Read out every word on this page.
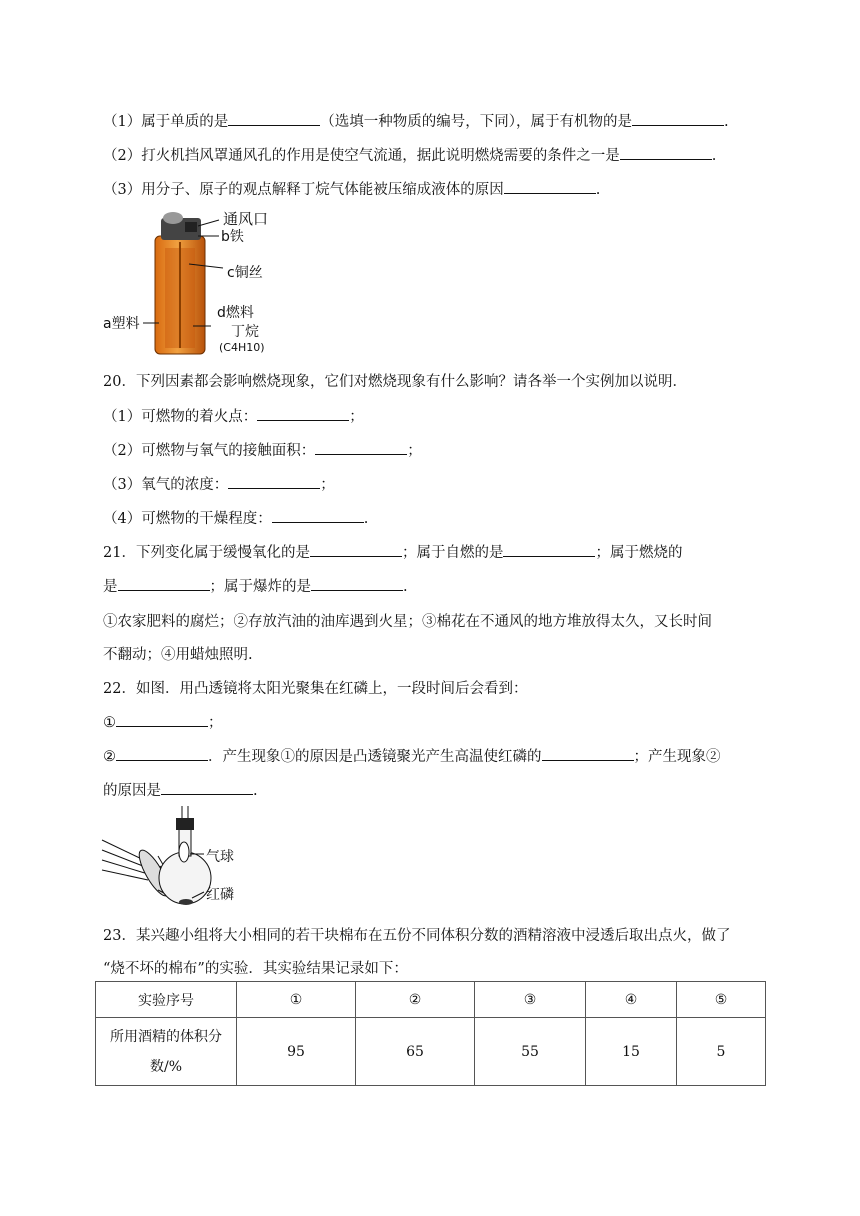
（1）属于单质的是	（选填一种物质的编号，下同），属于有机物的是	.
（2）打火机挡风罩通风孔的作用是使空气流通，据此说明燃烧需要的条件之一是	.
（3）用分子、原子的观点解释丁烷气体能被压缩成液体的原因	.
通风口
b铁
c铜丝
d燃料
丁烷
(C4H10)
a塑料
20．下列因素都会影响燃烧现象，它们对燃烧现象有什么影响？请各举一个实例加以说明．
（1）可燃物的着火点：	；
（2）可燃物与氧气的接触面积：	；
（3）氧气的浓度：	；
（4）可燃物的干燥程度：	.
21．下列变化属于缓慢氧化的是	；属于自燃的是	；属于燃烧的
是	；属于爆炸的是	.
①农家肥料的腐烂；②存放汽油的油库遇到火星；③棉花在不通风的地方堆放得太久，又长时间
不翻动；④用蜡烛照明.
22．如图．用凸透镜将太阳光聚集在红磷上，一段时间后会看到：
①	；
②	．产生现象①的原因是凸透镜聚光产生高温使红磷的	；产生现象②
的原因是	.
气球
红磷
23．某兴趣小组将大小相同的若干块棉布在五份不同体积分数的酒精溶液中浸透后取出点火，做了
“烧不坏的棉布”的实验．其实验结果记录如下：
实验序号	①	②	③	④	⑤
所用酒精的体积分
数/%	95	65	55	15	5
